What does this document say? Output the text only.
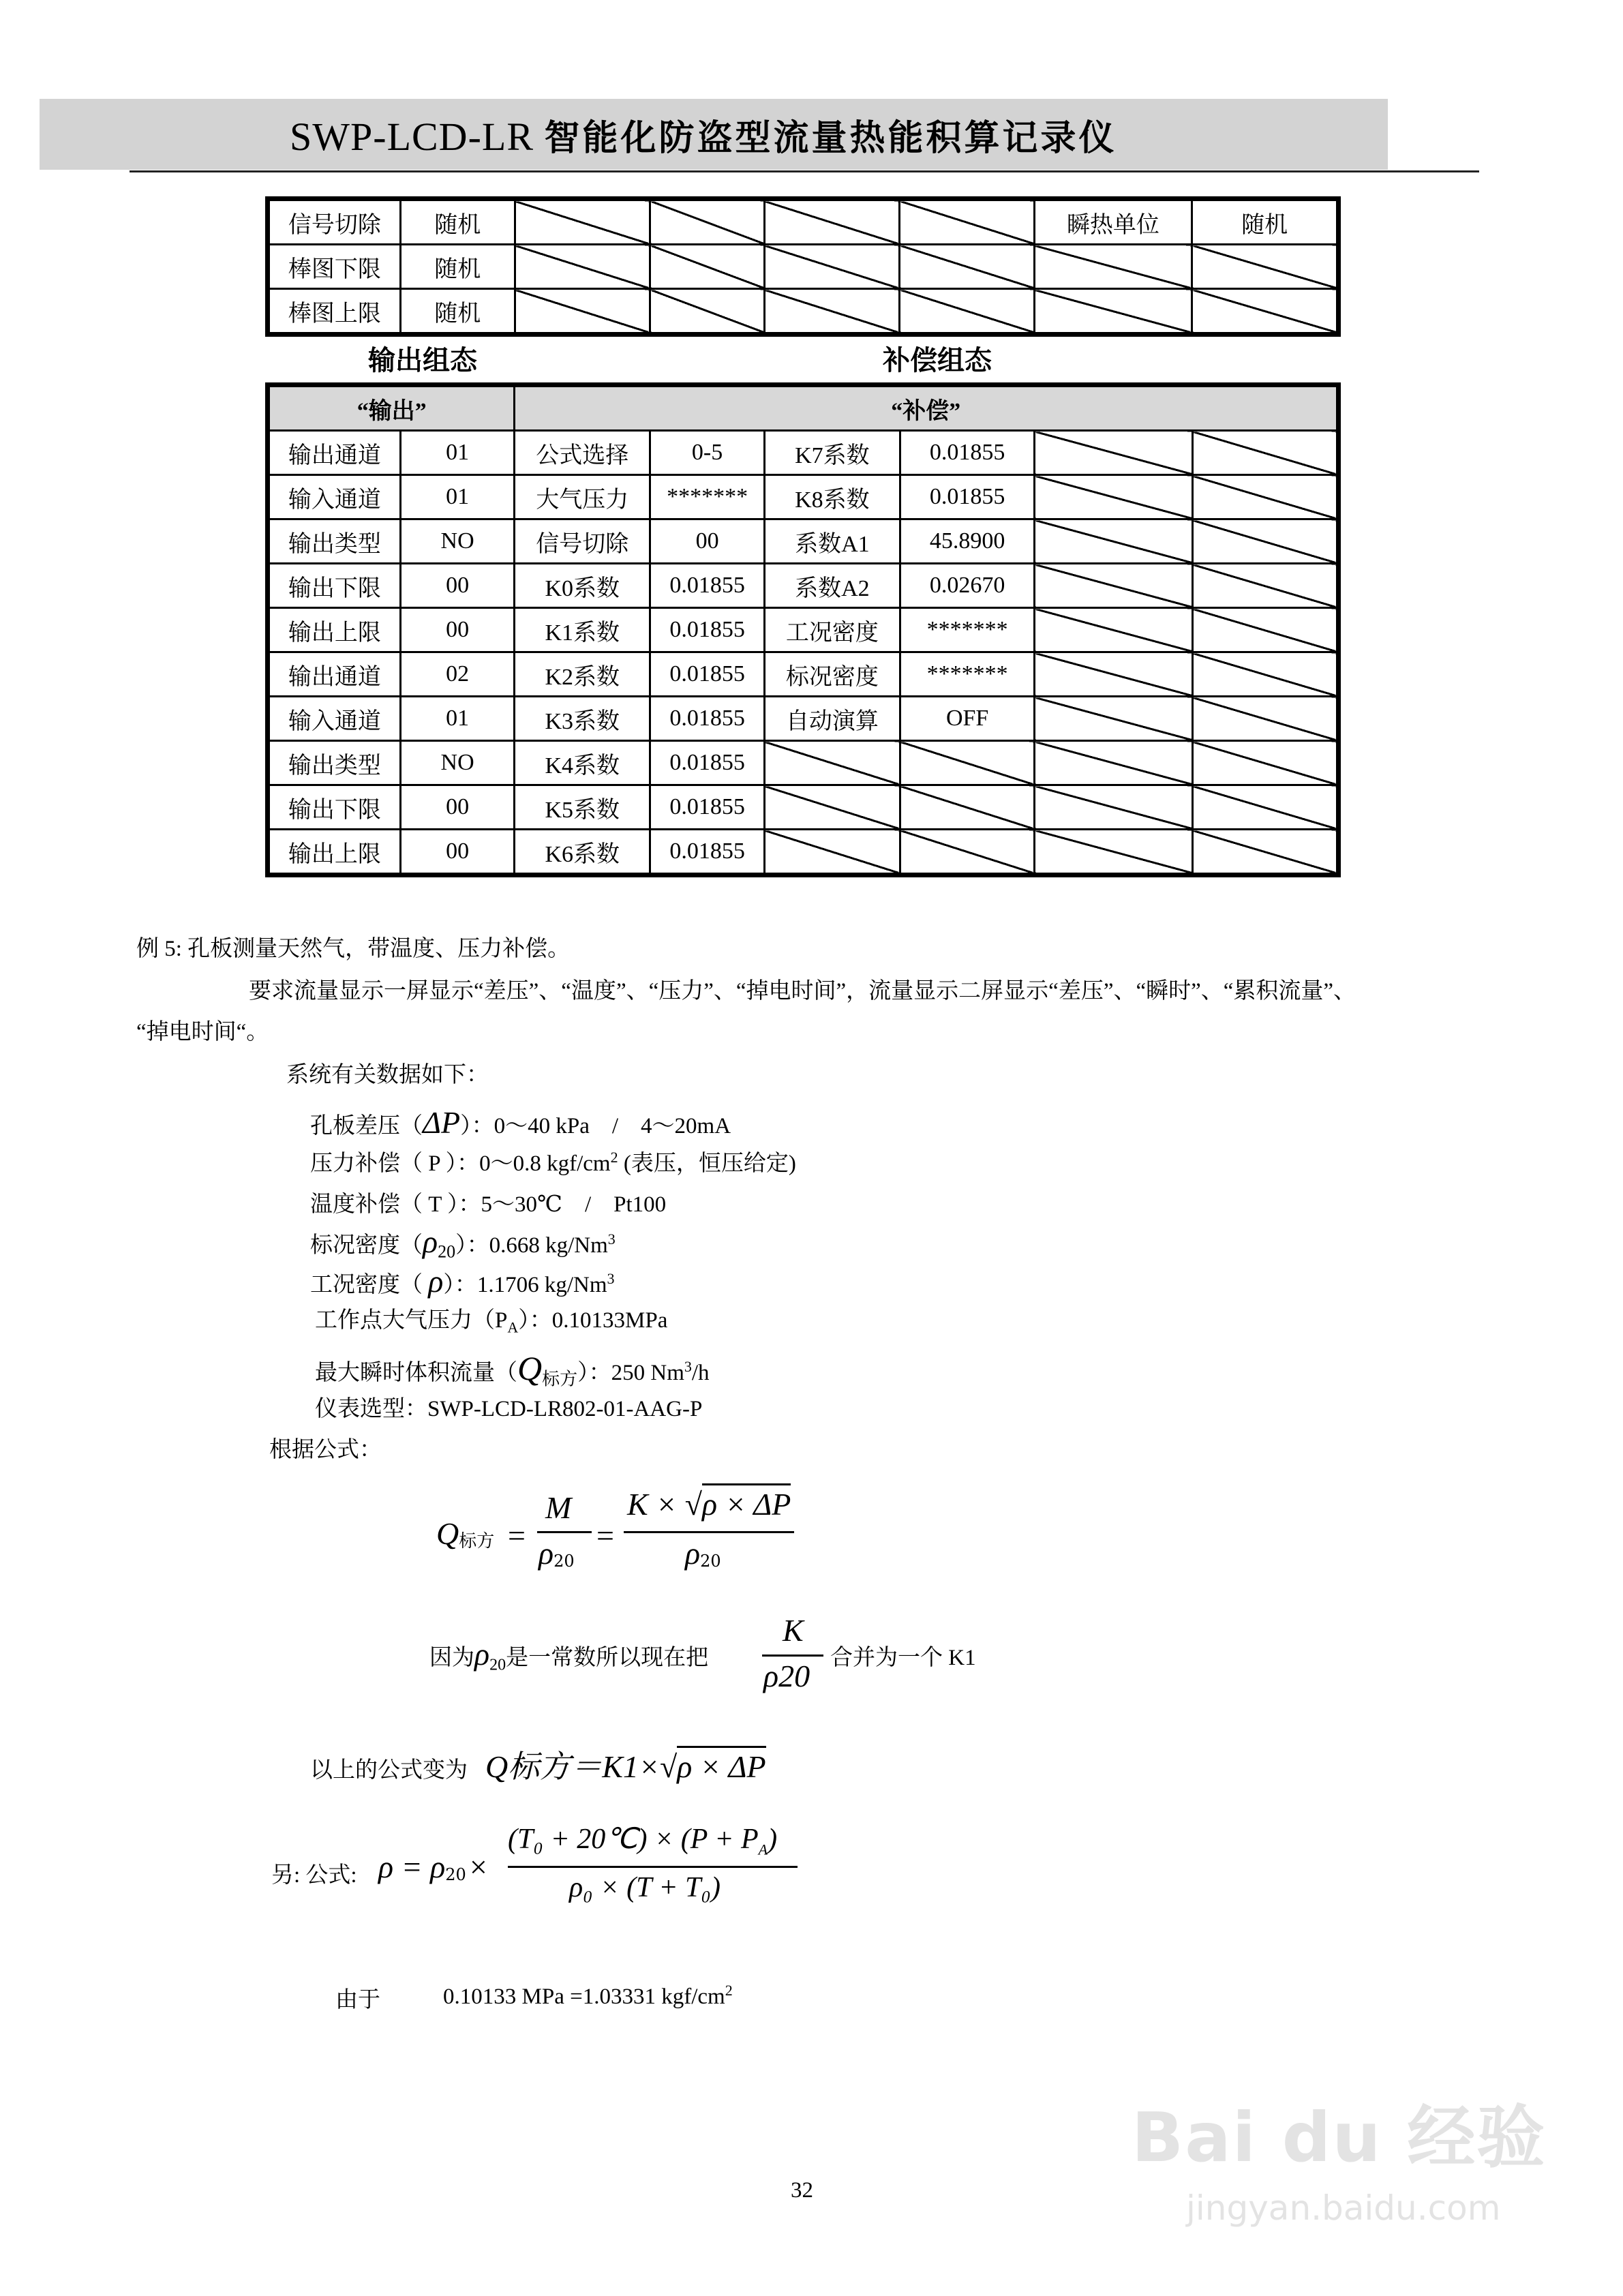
SWP-LCD-LR 智能化防盗型流量热能积算记录仪
信号切除	随机					瞬热单位	随机
棒图下限	随机						
棒图上限	随机						
输出组态	补偿组态
“输出”		“补偿”					
输出通道	01	公式选择	0-5	K7系数	0.01855		
输入通道	01	大气压力	*******	K8系数	0.01855		
输出类型	NO	信号切除	00	系数A1	45.8900		
输出下限	00	K0系数	0.01855	系数A2	0.02670		
输出上限	00	K1系数	0.01855	工况密度	*******		
输出通道	02	K2系数	0.01855	标况密度	*******		
输入通道	01	K3系数	0.01855	自动演算	OFF		
输出类型	NO	K4系数	0.01855				
输出下限	00	K5系数	0.01855				
输出上限	00	K6系数	0.01855				
例 5: 孔板测量天然气，带温度、压力补偿。
要求流量显示一屏显示“差压”、“温度”、“压力”、“掉电时间”，流量显示二屏显示“差压”、“瞬时”、“累积流量”、
“掉电时间“。
系统有关数据如下：
孔板差压（ΔP）：0～40 kPa　/　4～20mA
压力补偿（ P ）：0～0.8 kgf/$cm^2$ (表压，恒压给定)
温度补偿（ T ）：5～30℃　/　Pt100
标况密度$(\rho_{20})$：0.668 kg/Nm$^3$
工况密度（ ρ）：1.1706 kg/Nm$^3$
工作点大气压力$(P_A)$：0.10133MPa
最大瞬时体积流量$(Q_{标方})$：250 Nm$^3$/h
仪表选型：SWP-LCD-LR802-01-AAG-P
根据公式：
$Q_{标方}$ =
M
$\rho_{20}$
=
K × √ρ × ΔP
$\rho_{20}$
因为$\rho_{20}$是一常数所以现在把
K
ρ20
合并为一个 K1
以上的公式变为 Q标方＝K1×√ρ × ΔP
另: 公式: $\rho = \rho_{20}$ ×
(T₀ + 20℃) × $(P + P_A)$
ρ₀ × (T + T₀)
由于	0.10133 MPa =1.03331 kgf/$cm^2$
32
Bai du 经验
jingyan.baidu.com
